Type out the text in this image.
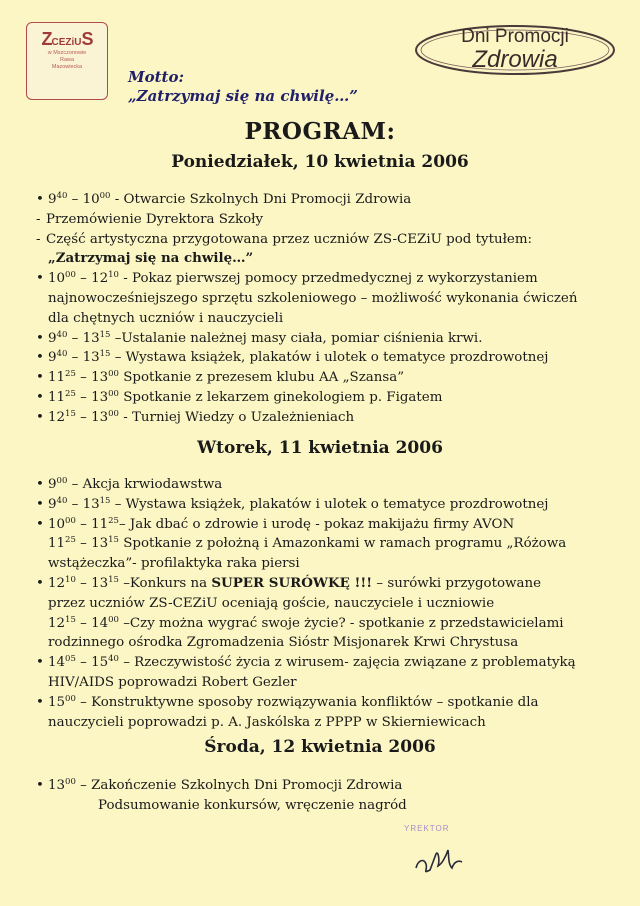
ZCEZiUS
w Mszczonowie
Rawa
Mazowiecka
Dni Promocji
Zdrowia
Motto:
„Zatrzymaj się na chwilę…”
PROGRAM:
Poniedziałek, 10 kwietnia 2006
• $9^{40} - 10^{00}$ - Otwarcie Szkolnych Dni Promocji Zdrowia
- Przemówienie Dyrektora Szkoły
- Część artystyczna przygotowana przez uczniów ZS-CEZiU pod tytułem:
„Zatrzymaj się na chwilę…”
• $10^{00} - 12^{10}$ - Pokaz pierwszej pomocy przedmedycznej z wykorzystaniem
najnowocześniejszego sprzętu szkoleniowego – możliwość wykonania ćwiczeń
dla chętnych uczniów i nauczycieli
• $9^{40} - 13^{15}$ –Ustalanie należnej masy ciała, pomiar ciśnienia krwi.
• $9^{40} - 13^{15}$ – Wystawa książek, plakatów i ulotek o tematyce prozdrowotnej
• $11^{25} - 13^{00}$ Spotkanie z prezesem klubu AA „Szansa”
• $11^{25} - 13^{00}$ Spotkanie z lekarzem ginekologiem p. Figatem
• $12^{15} - 13^{00}$ - Turniej Wiedzy o Uzależnieniach
Wtorek, 11 kwietnia 2006
• $9^{00}$ – Akcja krwiodawstwa
• $9^{40} - 13^{15}$ – Wystawa książek, plakatów i ulotek o tematyce prozdrowotnej
• $10^{00} - 11^{25}-$ Jak dbać o zdrowie i urodę - pokaz makijażu firmy AVON
$11^{25} - 13^{15}$ Spotkanie z położną i Amazonkami w ramach programu „Różowa
wstążeczka”- profilaktyka raka piersi
• $12^{10} - 13^{15}$ –Konkurs na SUPER SURÓWKĘ !!! – surówki przygotowane
przez uczniów ZS-CEZiU oceniają goście, nauczyciele i uczniowie
$12^{15} - 14^{00}$ –Czy można wygrać swoje życie? - spotkanie z przedstawicielami
rodzinnego ośrodka Zgromadzenia Sióstr Misjonarek Krwi Chrystusa
• $14^{05} - 15^{40}$ – Rzeczywistość życia z wirusem- zajęcia związane z problematyką
HIV/AIDS poprowadzi Robert Gezler
• $15^{00}$ – Konstruktywne sposoby rozwiązywania konfliktów – spotkanie dla
nauczycieli poprowadzi p. A. Jaskólska z PPPP w Skierniewicach
Środa, 12 kwietnia 2006
• $13^{00}$ – Zakończenie Szkolnych Dni Promocji Zdrowia
Podsumowanie konkursów, wręczenie nagród
YREKTOR
